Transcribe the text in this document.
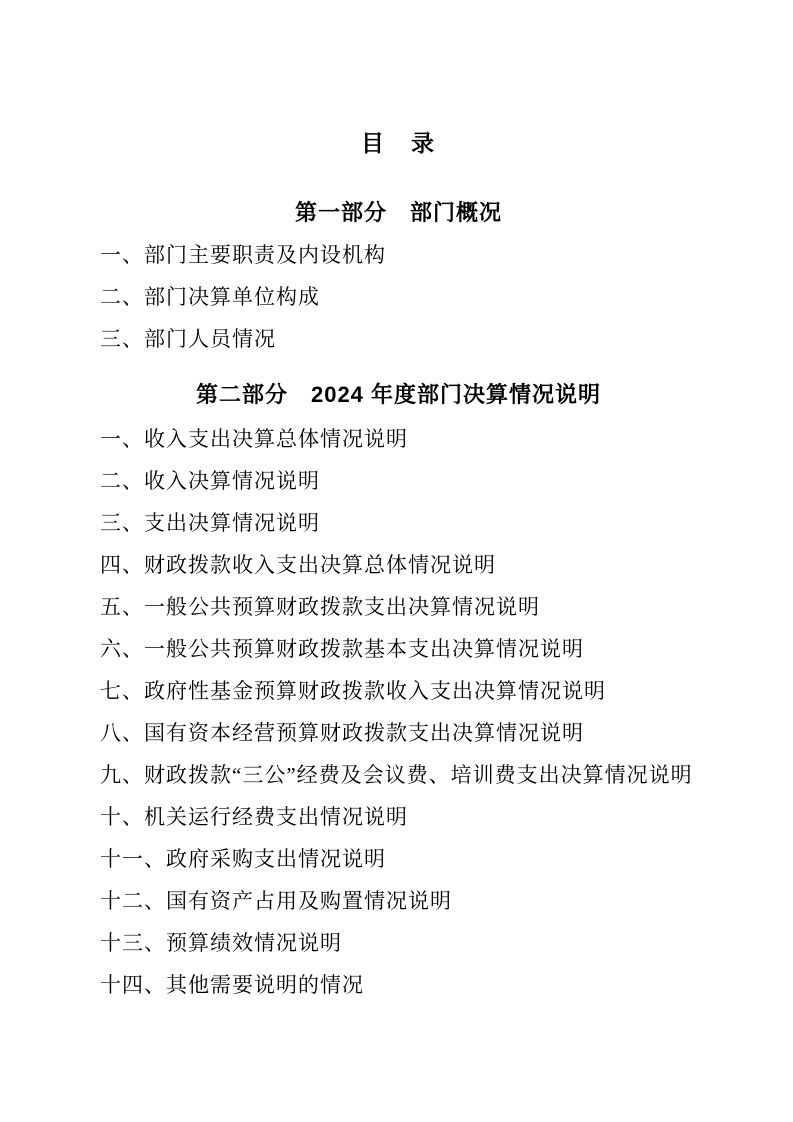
目　录
第一部分　部门概况
一、部门主要职责及内设机构
二、部门决算单位构成
三、部门人员情况
第二部分　2024 年度部门决算情况说明
一、收入支出决算总体情况说明
二、收入决算情况说明
三、支出决算情况说明
四、财政拨款收入支出决算总体情况说明
五、一般公共预算财政拨款支出决算情况说明
六、一般公共预算财政拨款基本支出决算情况说明
七、政府性基金预算财政拨款收入支出决算情况说明
八、国有资本经营预算财政拨款支出决算情况说明
九、财政拨款“三公”经费及会议费、培训费支出决算情况说明
十、机关运行经费支出情况说明
十一、政府采购支出情况说明
十二、国有资产占用及购置情况说明
十三、预算绩效情况说明
十四、其他需要说明的情况
